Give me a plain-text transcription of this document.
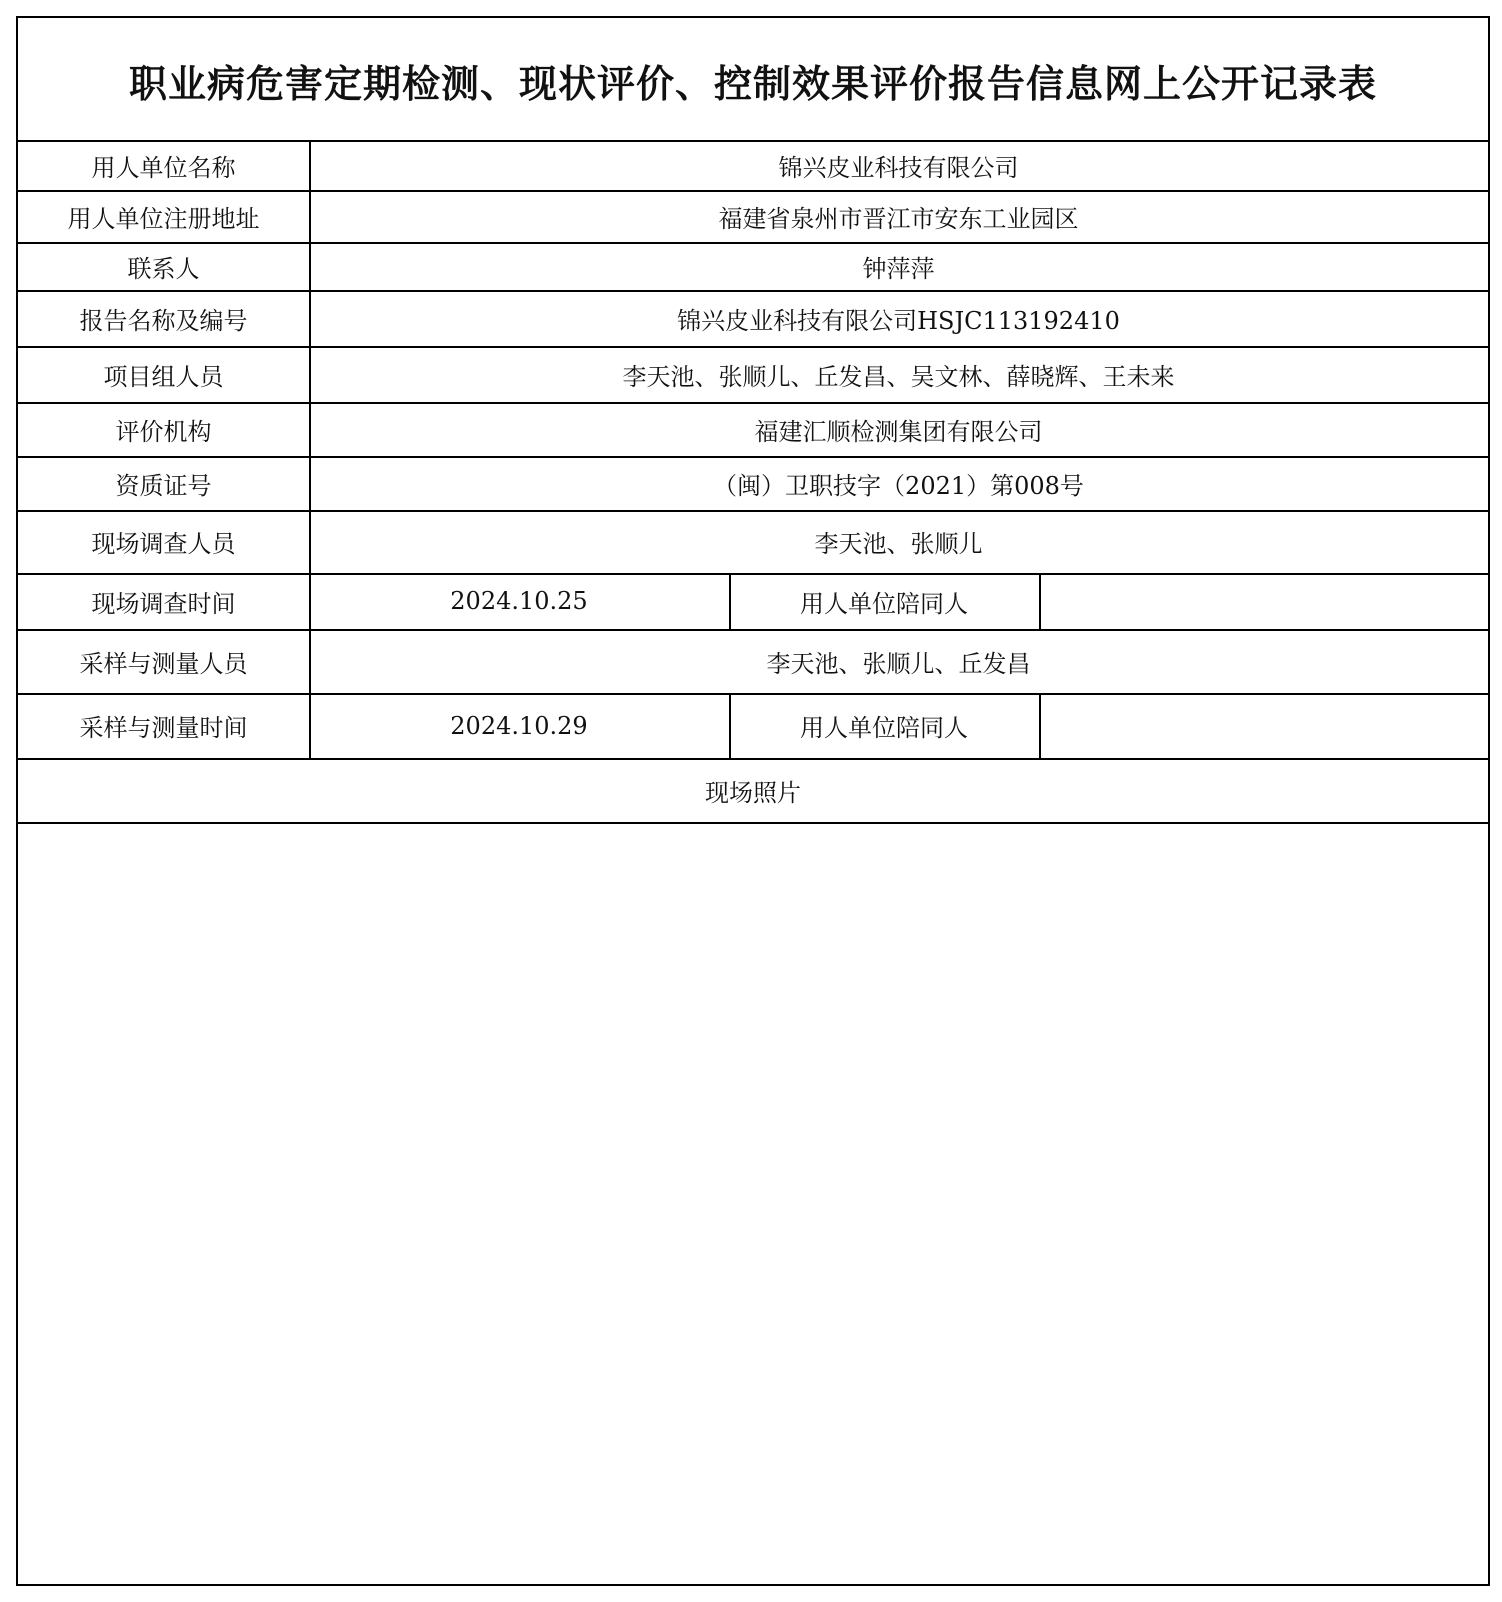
职业病危害定期检测、现状评价、控制效果评价报告信息网上公开记录表
用人单位名称	锦兴皮业科技有限公司
用人单位注册地址	福建省泉州市晋江市安东工业园区
联系人	钟萍萍
报告名称及编号	锦兴皮业科技有限公司HSJC113192410
项目组人员	李天池、张顺儿、丘发昌、吴文林、薛晓辉、王未来
评价机构	福建汇顺检测集团有限公司
资质证号	（闽）卫职技字（2021）第008号
现场调查人员	李天池、张顺儿
现场调查时间	2024.10.25	用人单位陪同人
采样与测量人员	李天池、张顺儿、丘发昌
采样与测量时间	2024.10.29	用人单位陪同人
现场照片
